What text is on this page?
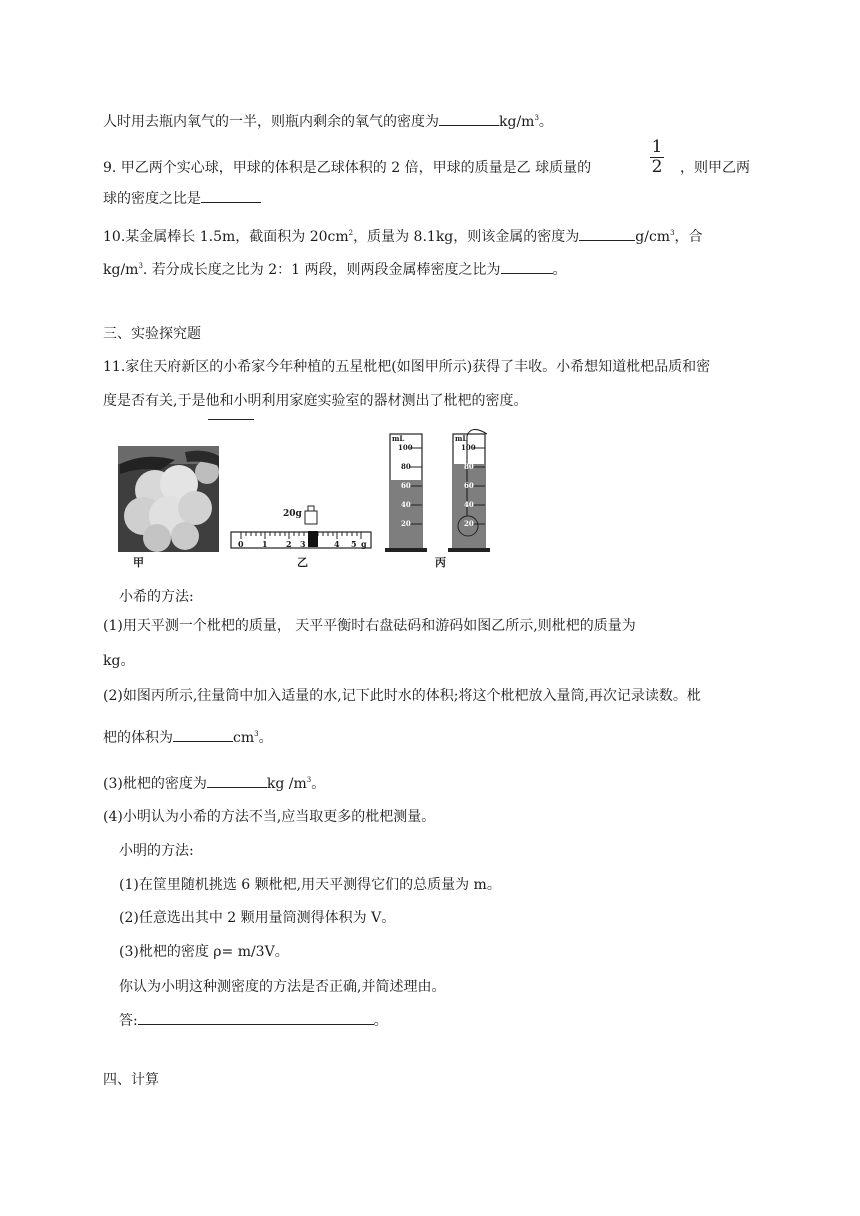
人时用去瓶内氧气的一半，则瓶内剩余的氧气的密度为	$kg/m^3$。
9. 甲乙两个实心球，甲球的体积是乙球体积的 2 倍，甲球的质量是乙 球质量的
1
2	，则甲乙两
球的密度之比是
10.某金属棒长 1.5m，截面积为 $20cm^2$，质量为 8.1kg，则该金属的密度为	$g/cm^3$，合
$kg/m^3$. 若分成长度之比为 2：1 两段，则两段金属棒密度之比为	。
三、实验探究题
11.家住天府新区的小希家今年种植的五星枇杷(如图甲所示)获得了丰收。小希想知道枇杷品质和密
度是否有关,于是他和小明利用家庭实验室的器材测出了枇杷的密度。
甲	乙	丙
20g
0 1 2 3	4 5 g
mL
100
80
60
40
20
mL
100
80
60
40
20
小希的方法:
(1)用天平测一个枇杷的质量， 天平平衡时右盘砝码和游码如图乙所示,则枇杷的质量为
kg。
(2)如图丙所示,往量筒中加入适量的水,记下此时水的体积;将这个枇杷放入量筒,再次记录读数。枇
杷的体积为	$cm^3$。
(3)枇杷的密度为	kg $/m^3$。
(4)小明认为小希的方法不当,应当取更多的枇杷测量。
小明的方法:
(1)在筐里随机挑选 6 颗枇杷,用天平测得它们的总质量为 m。
(2)任意选出其中 2 颗用量筒测得体积为 V。
(3)枇杷的密度 ρ= m/3V。
你认为小明这种测密度的方法是否正确,并简述理由。
答:	。
四、计算
